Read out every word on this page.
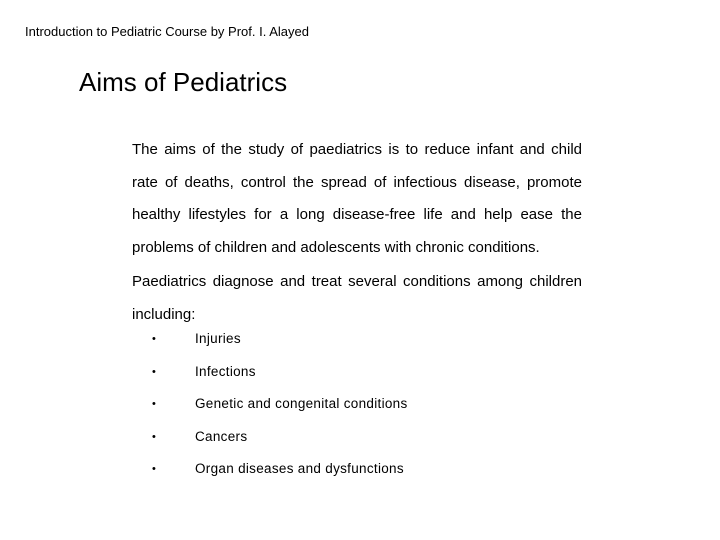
Introduction to Pediatric Course by Prof. I. Alayed
Aims of Pediatrics

The aims of the study of paediatrics is to reduce infant and child rate of deaths, control the spread of infectious disease, promote healthy lifestyles for a long disease-free life and help ease the problems of children and adolescents with chronic conditions.

Paediatrics diagnose and treat several conditions among children including:

•	Injuries
•	Infections
•	Genetic and congenital conditions
•	Cancers
•	Organ diseases and dysfunctions
